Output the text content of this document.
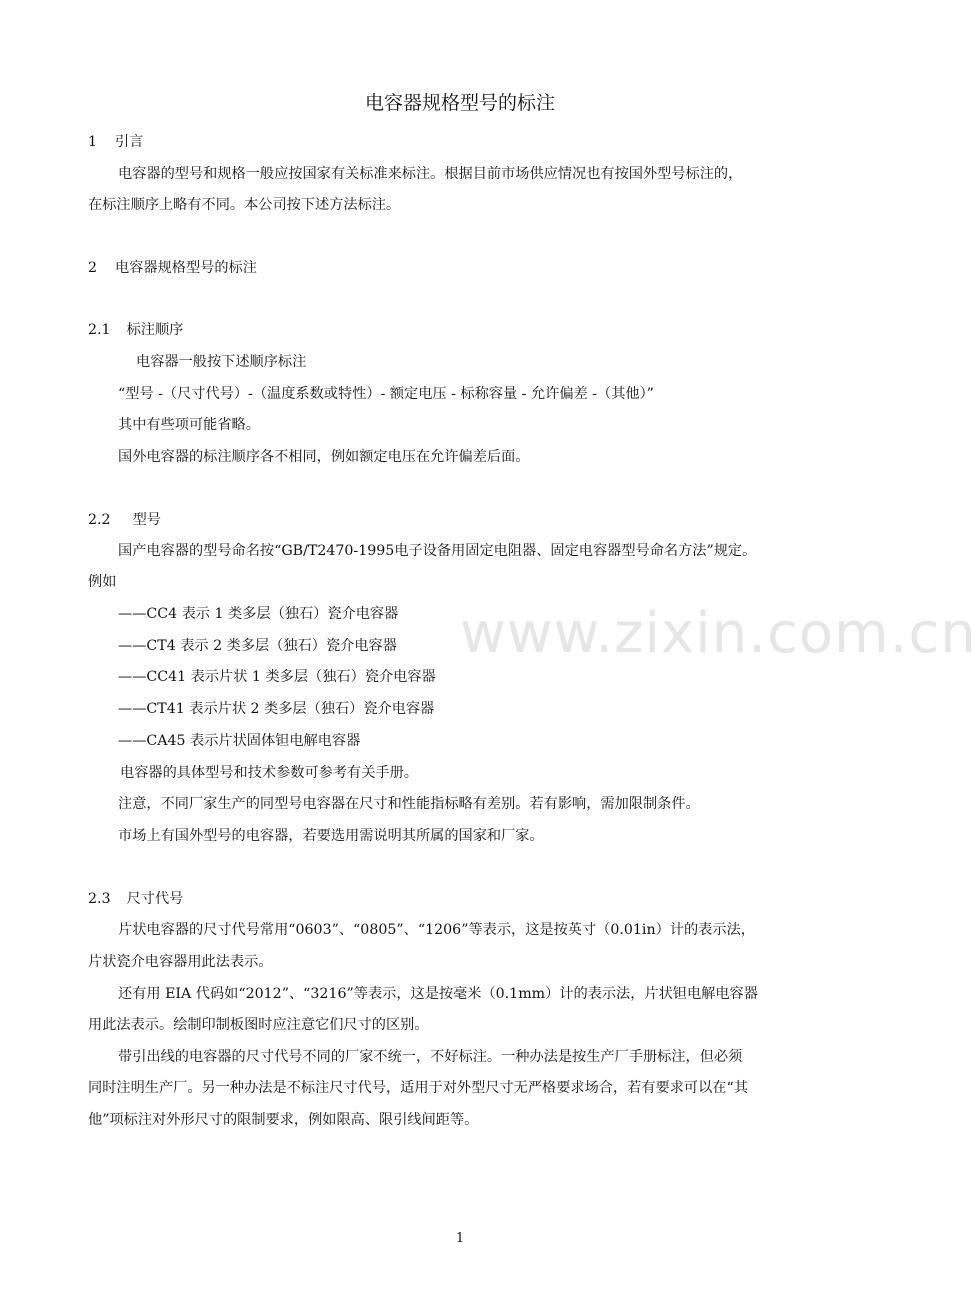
www.zixin.com.cn
电容器规格型号的标注
1 引言
电容器的型号和规格一般应按国家有关标准来标注。根据目前市场供应情况也有按国外型号标注的，
在标注顺序上略有不同。本公司按下述方法标注。
2 电容器规格型号的标注
2.1 标注顺序
电容器一般按下述顺序标注
“型号 -（尺寸代号）-（温度系数或特性）- 额定电压 - 标称容量 - 允许偏差 -（其他）”
其中有些项可能省略。
国外电容器的标注顺序各不相同，例如额定电压在允许偏差后面。
2.2 型号
国产电容器的型号命名按“GB/T2470-1995电子设备用固定电阻器、固定电容器型号命名方法”规定。
例如
——CC4 表示 1 类多层（独石）瓷介电容器
——CT4 表示 2 类多层（独石）瓷介电容器
——CC41 表示片状 1 类多层（独石）瓷介电容器
——CT41 表示片状 2 类多层（独石）瓷介电容器
——CA45 表示片状固体钽电解电容器
电容器的具体型号和技术参数可参考有关手册。
注意，不同厂家生产的同型号电容器在尺寸和性能指标略有差别。若有影响，需加限制条件。
市场上有国外型号的电容器，若要选用需说明其所属的国家和厂家。
2.3 尺寸代号
片状电容器的尺寸代号常用“0603”、“0805”、“1206”等表示，这是按英寸（0.01in）计的表示法，
片状瓷介电容器用此法表示。
还有用 EIA 代码如“2012”、“3216”等表示，这是按毫米（0.1mm）计的表示法，片状钽电解电容器
用此法表示。绘制印制板图时应注意它们尺寸的区别。
带引出线的电容器的尺寸代号不同的厂家不统一，不好标注。一种办法是按生产厂手册标注，但必须
同时注明生产厂。另一种办法是不标注尺寸代号，适用于对外型尺寸无严格要求场合，若有要求可以在“其
他”项标注对外形尺寸的限制要求，例如限高、限引线间距等。
1
